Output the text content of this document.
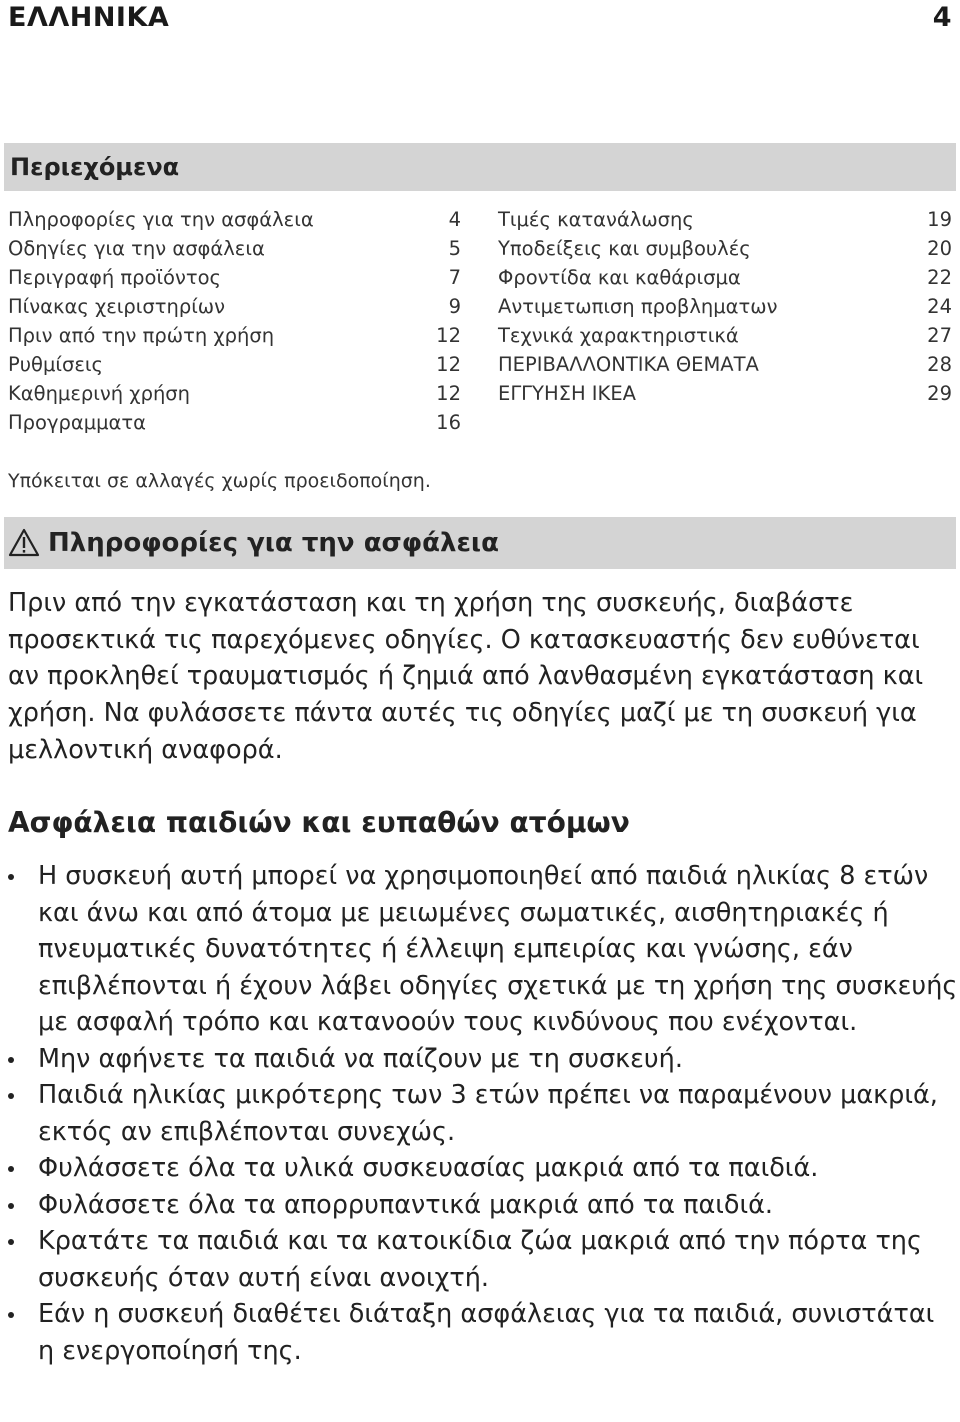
ΕΛΛΗΝΙΚΑ	4
Περιεχόμενα
Πληροφορίες για την ασφάλεια	4
Οδηγίες για την ασφάλεια	5
Περιγραφή προϊόντος	7
Πίνακας χειριστηρίων	9
Πριν από την πρώτη χρήση	12
Ρυθμίσεις	12
Καθημερινή χρήση	12
Προγραμματα	16
Τιμές κατανάλωσης	19
Υποδείξεις και συμβουλές	20
Φροντίδα και καθάρισμα	22
Αντιμετωπιση προβληματων	24
Τεχνικά χαρακτηριστικά	27
ΠΕΡΙΒΑΛΛΟΝΤΙΚΑ ΘΕΜΑΤΑ	28
ΕΓΓΥΗΣΗ IKEA	29
Υπόκειται σε αλλαγές χωρίς προειδοποίηση.
Πληροφορίες για την ασφάλεια
Πριν από την εγκατάσταση και τη χρήση της συσκευής, διαβάστε προσεκτικά τις παρεχόμενες οδηγίες. Ο κατασκευαστής δεν ευθύνεται αν προκληθεί τραυματισμός ή ζημιά από λανθασμένη εγκατάσταση και χρήση. Να φυλάσσετε πάντα αυτές τις οδηγίες μαζί με τη συσκευή για μελλοντική αναφορά.
Ασφάλεια παιδιών και ευπαθών ατόμων
Η συσκευή αυτή μπορεί να χρησιμοποιηθεί από παιδιά ηλικίας 8 ετών και άνω και από άτομα με μειωμένες σωματικές, αισθητηριακές ή πνευματικές δυνατότητες ή έλλειψη εμπειρίας και γνώσης, εάν επιβλέπονται ή έχουν λάβει οδηγίες σχετικά με τη χρήση της συσκευής με ασφαλή τρόπο και κατανοούν τους κινδύνους που ενέχονται.
Μην αφήνετε τα παιδιά να παίζουν με τη συσκευή.
Παιδιά ηλικίας μικρότερης των 3 ετών πρέπει να παραμένουν μακριά, εκτός αν επιβλέπονται συνεχώς.
Φυλάσσετε όλα τα υλικά συσκευασίας μακριά από τα παιδιά.
Φυλάσσετε όλα τα απορρυπαντικά μακριά από τα παιδιά.
Κρατάτε τα παιδιά και τα κατοικίδια ζώα μακριά από την πόρτα της συσκευής όταν αυτή είναι ανοιχτή.
Εάν η συσκευή διαθέτει διάταξη ασφάλειας για τα παιδιά, συνιστάται η ενεργοποίησή της.
